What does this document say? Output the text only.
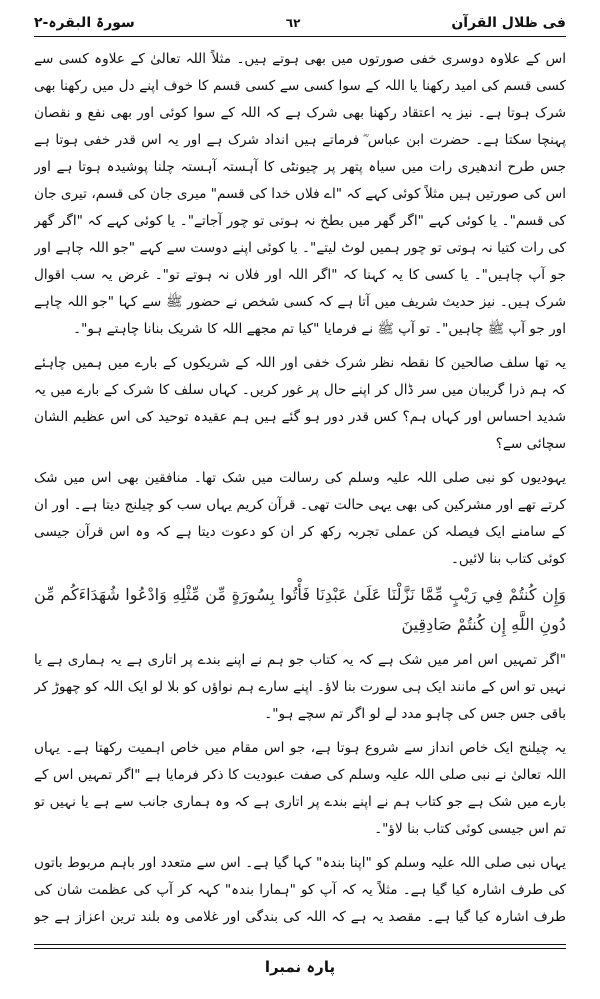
سورۃ البقرہ-۲	٦٢	فی ظلال القرآن

اس کے علاوہ دوسری خفی صورتوں میں بھی ہوتے ہیں۔ مثلاً اللہ تعالیٰ کے علاوہ کسی سے کسی قسم کی امید رکھنا یا اللہ کے سوا کسی سے کسی قسم کا خوف اپنے دل میں رکھنا بھی شرک ہوتا ہے۔ نیز یہ اعتقاد رکھنا بھی شرک ہے کہ اللہ کے سوا کوئی اور بھی نفع و نقصان پہنچا سکتا ہے۔ حضرت ابن عباس ؓ فرماتے ہیں انداد شرک ہے اور یہ اس قدر خفی ہوتا ہے جس طرح اندھیری رات میں سیاہ پتھر پر چیونٹی کا آہستہ آہستہ چلنا پوشیدہ ہوتا ہے اور اس کی صورتیں ہیں مثلاً کوئی کہے کہ "اے فلاں خدا کی قسم" میری جان کی قسم، تیری جان کی قسم"۔ یا کوئی کہے "اگر گھر میں بطخ نہ ہوتی تو چور آجاتے"۔ یا کوئی کہے کہ "اگر گھر کی رات کتیا نہ ہوتی تو چور ہمیں لوٹ لیتے"۔ یا کوئی اپنے دوست سے کہے "جو اللہ چاہے اور جو آپ چاہیں"۔ یا کسی کا یہ کہنا کہ "اگر اللہ اور فلاں نہ ہوتے تو"۔ غرض یہ سب اقوال شرک ہیں۔ نیز حدیث شریف میں آتا ہے کہ کسی شخص نے حضور ﷺ سے کہا "جو اللہ چاہے اور جو آپ ﷺ چاہیں"۔ تو آپ ﷺ نے فرمایا "کیا تم مجھے اللہ کا شریک بنانا چاہتے ہو"۔

یہ تھا سلف صالحین کا نقطہ نظر شرک خفی اور اللہ کے شریکوں کے بارے میں ہمیں چاہئے کہ ہم ذرا گریبان میں سر ڈال کر اپنے حال پر غور کریں۔ کہاں سلف کا شرک کے بارے میں یہ شدید احساس اور کہاں ہم؟ کس قدر دور ہو گئے ہیں ہم عقیدہ توحید کی اس عظیم الشان سچائی سے؟

یہودیوں کو نبی صلی اللہ علیہ وسلم کی رسالت میں شک تھا۔ منافقین بھی اس میں شک کرتے تھے اور مشرکین کی بھی یہی حالت تھی۔ قرآن کریم یہاں سب کو چیلنج دیتا ہے۔ اور ان کے سامنے ایک فیصلہ کن عملی تجربہ رکھ کر ان کو دعوت دیتا ہے کہ وہ اس قرآن جیسی کوئی کتاب بنا لائیں۔

وَإِن كُنتُمْ فِي رَيْبٍ مِّمَّا نَزَّلْنَا عَلَىٰ عَبْدِنَا فَأْتُوا بِسُورَةٍ مِّن مِّثْلِهِ وَادْعُوا شُهَدَاءَكُم مِّن دُونِ اللَّهِ إِن كُنتُمْ صَادِقِينَ

"اگر تمہیں اس امر میں شک ہے کہ یہ کتاب جو ہم نے اپنے بندے پر اتاری ہے یہ ہماری ہے یا نہیں تو اس کے مانند ایک ہی سورت بنا لاؤ۔ اپنے سارے ہم نواؤں کو بلا لو ایک اللہ کو چھوڑ کر باقی جس جس کی چاہو مدد لے لو اگر تم سچے ہو"۔

یہ چیلنج ایک خاص انداز سے شروع ہوتا ہے، جو اس مقام میں خاص اہمیت رکھتا ہے۔ یہاں اللہ تعالیٰ نے نبی صلی اللہ علیہ وسلم کی صفت عبودیت کا ذکر فرمایا ہے "اگر تمہیں اس کے بارے میں شک ہے جو کتاب ہم نے اپنے بندے پر اتاری ہے کہ وہ ہماری جانب سے ہے یا نہیں تو تم اس جیسی کوئی کتاب بنا لاؤ"۔

یہاں نبی صلی اللہ علیہ وسلم کو "اپنا بندہ" کہا گیا ہے۔ اس سے متعدد اور باہم مربوط باتوں کی طرف اشارہ کیا گیا ہے۔ مثلاً یہ کہ آپ کو "ہمارا بندہ" کہہ کر آپ کی عظمت شان کی طرف اشارہ کیا گیا ہے۔ مقصد یہ ہے کہ اللہ کی بندگی اور غلامی وہ بلند ترین اعزاز ہے جو

پارہ نمبرا
